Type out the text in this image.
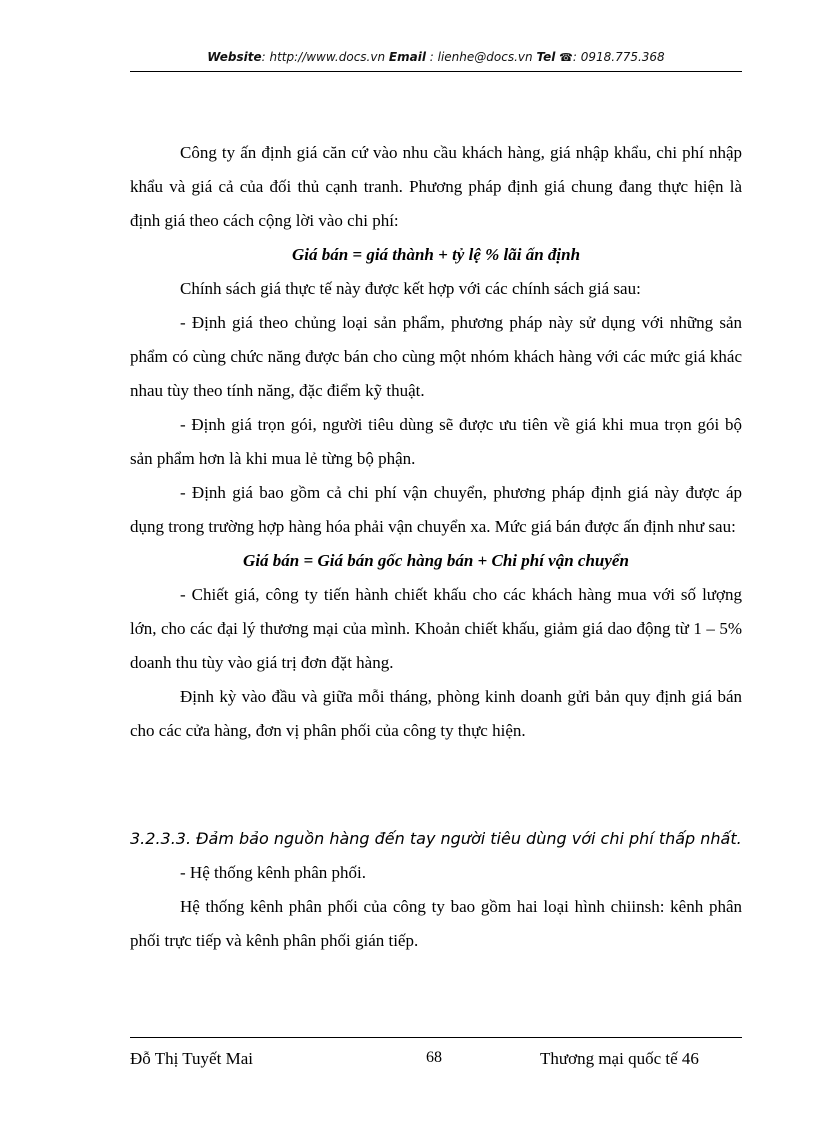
Website: http://www.docs.vn Email : lienhe@docs.vn Tel ☎: 0918.775.368

Công ty ấn định giá căn cứ vào nhu cầu khách hàng, giá nhập khẩu, chi phí nhập khẩu và giá cả của đối thủ cạnh tranh. Phương pháp định giá chung đang thực hiện là định giá theo cách cộng lời vào chi phí:

Giá bán = giá thành + tỷ lệ % lãi ấn định

Chính sách giá thực tế này được kết hợp với các chính sách giá sau:

- Định giá theo chủng loại sản phẩm, phương pháp này sử dụng với những sản phẩm có cùng chức năng được bán cho cùng một nhóm khách hàng với các mức giá khác nhau tùy theo tính năng, đặc điểm kỹ thuật.

- Định giá trọn gói, người tiêu dùng sẽ được ưu tiên về giá khi mua trọn gói bộ sản phẩm hơn là khi mua lẻ từng bộ phận.

- Định giá bao gồm cả chi phí vận chuyển, phương pháp định giá này được áp dụng trong trường hợp hàng hóa phải vận chuyển xa. Mức giá bán được ấn định như sau:

Giá bán = Giá bán gốc hàng bán + Chi phí vận chuyển

- Chiết giá, công ty tiến hành chiết khấu cho các khách hàng mua với số lượng lớn, cho các đại lý thương mại của mình. Khoản chiết khấu, giảm giá dao động từ 1 – 5% doanh thu tùy vào giá trị đơn đặt hàng.

Định kỳ vào đầu và giữa mỗi tháng, phòng kinh doanh gửi bản quy định giá bán cho các cửa hàng, đơn vị phân phối của công ty thực hiện.

3.2.3.3. Đảm bảo nguồn hàng đến tay người tiêu dùng với chi phí thấp nhất.

- Hệ thống kênh phân phối.

Hệ thống kênh phân phối của công ty bao gồm hai loại hình chiinsh: kênh phân phối trực tiếp và kênh phân phối gián tiếp.

Đỗ Thị Tuyết Mai	68	Thương mại quốc tế 46
